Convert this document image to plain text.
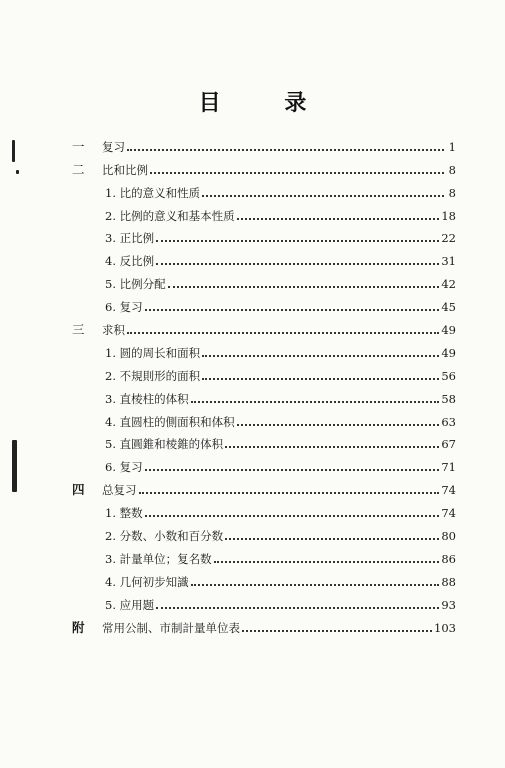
目 录
一	复习	1
二	比和比例	8
1. 比的意义和性质	8
2. 比例的意义和基本性质	18
3. 正比例	22
4. 反比例	31
5. 比例分配	42
6. 复习	45
三	求积	49
1. 圆的周长和面积	49
2. 不規則形的面积	56
3. 直棱柱的体积	58
4. 直圆柱的側面积和体积	63
5. 直圓錐和棱錐的体积	67
6. 复习	71
四	总复习	74
1. 整数	74
2. 分数、小数和百分数	80
3. 計量单位；复名数	86
4. 几何初步知識	88
5. 应用题	93
附	常用公制、市制計量单位表	103
